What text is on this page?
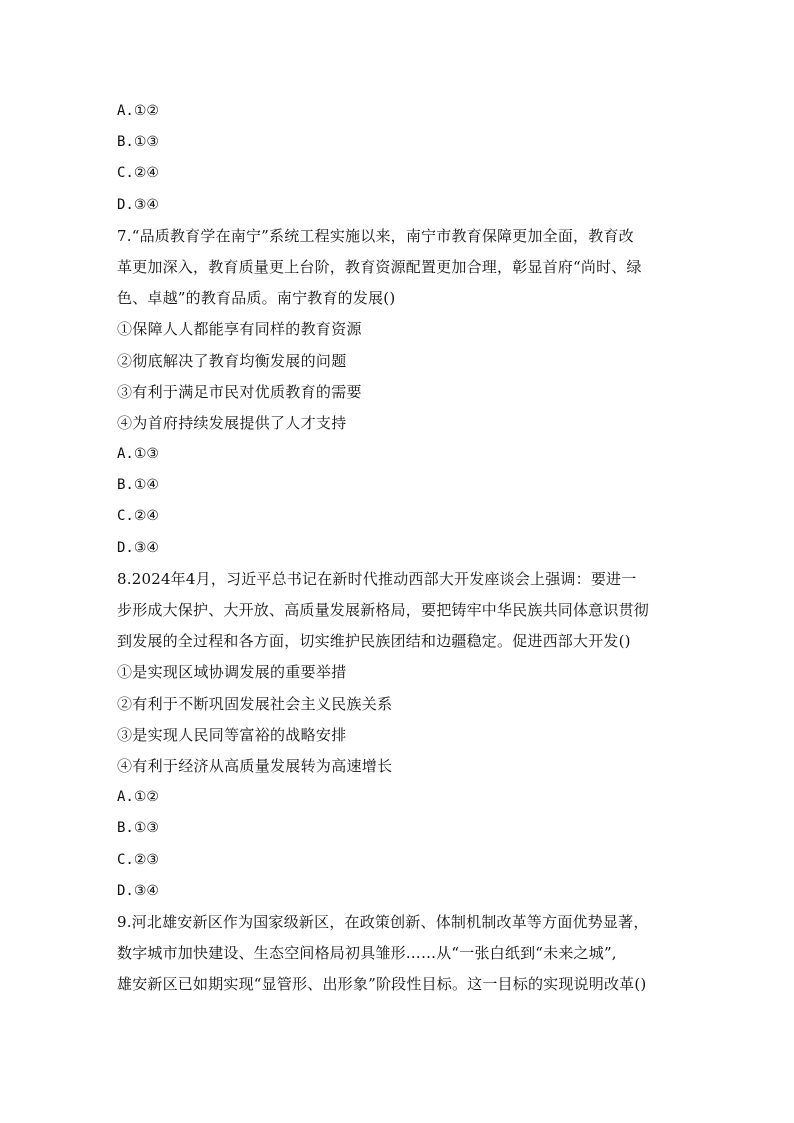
A.①②
B.①③
C.②④
D.③④
7.“品质教育学在南宁”系统工程实施以来，南宁市教育保障更加全面，教育改
革更加深入，教育质量更上台阶，教育资源配置更加合理，彰显首府“尚时、绿
色、卓越”的教育品质。南宁教育的发展()
①保障人人都能享有同样的教育资源
②彻底解决了教育均衡发展的问题
③有利于满足市民对优质教育的需要
④为首府持续发展提供了人才支持
A.①③
B.①④
C.②④
D.③④
8.2024年4月，习近平总书记在新时代推动西部大开发座谈会上强调：要进一
步形成大保护、大开放、高质量发展新格局，要把铸牢中华民族共同体意识贯彻
到发展的全过程和各方面，切实维护民族团结和边疆稳定。促进西部大开发()
①是实现区域协调发展的重要举措
②有利于不断巩固发展社会主义民族关系
③是实现人民同等富裕的战略安排
④有利于经济从高质量发展转为高速增长
A.①②
B.①③
C.②③
D.③④
9.河北雄安新区作为国家级新区，在政策创新、体制机制改革等方面优势显著，
数字城市加快建设、生态空间格局初具雏形……从“一张白纸到“未来之城”,
雄安新区已如期实现“显管形、出形象”阶段性目标。这一目标的实现说明改革()
